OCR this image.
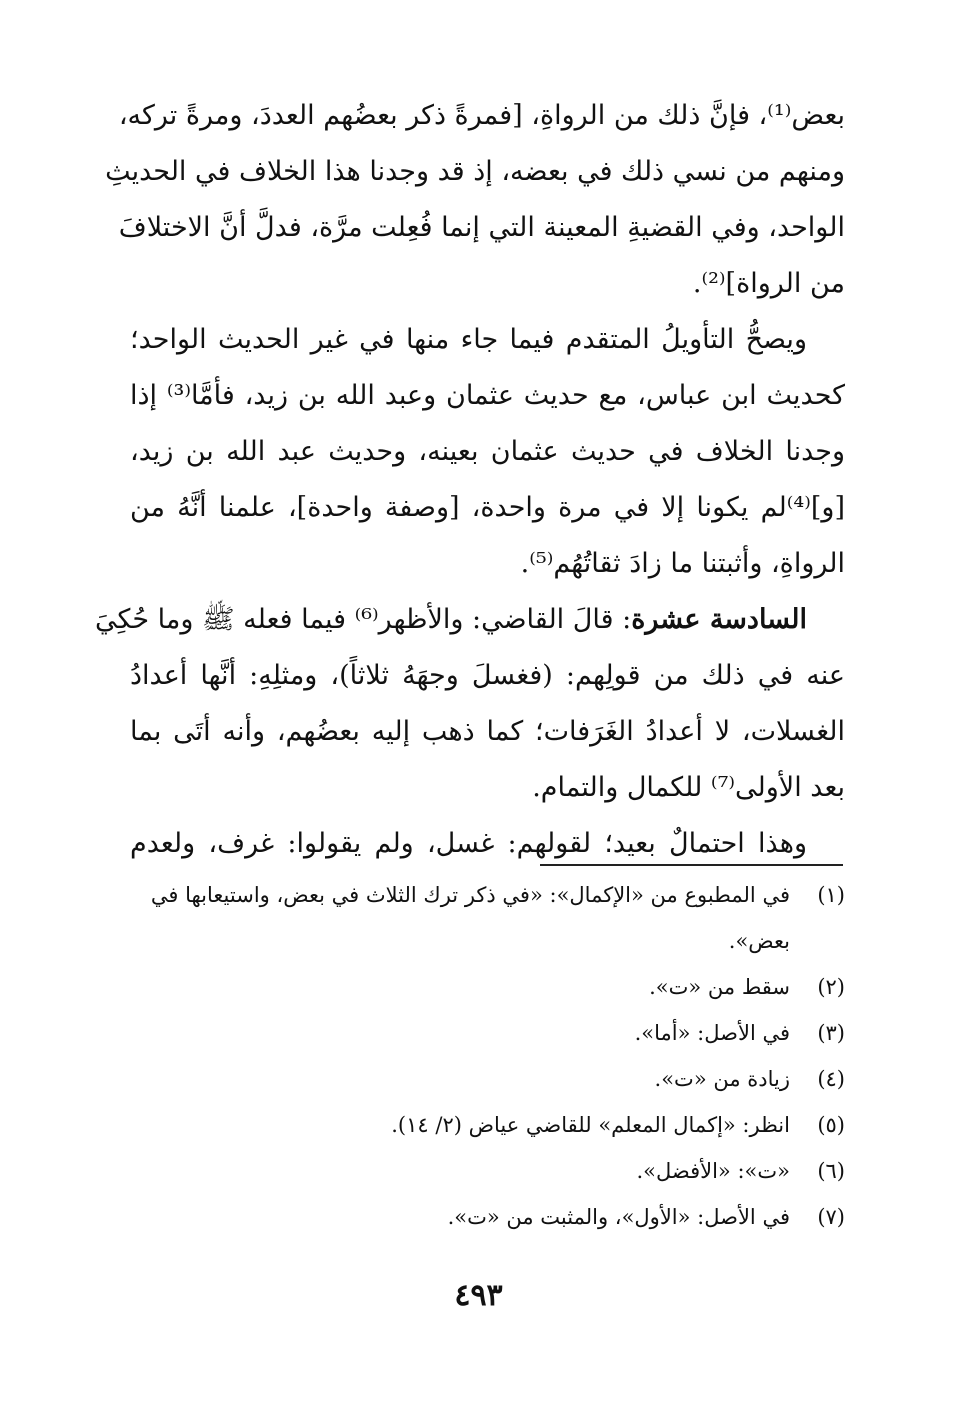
بعض⁽¹⁾، فإنَّ ذلك من الرواةِ، [فمرةً ذكر بعضُهم العددَ، ومرةً تركه،
ومنهم من نسي ذلك في بعضه، إذ قد وجدنا هذا الخلاف في الحديثِ
الواحد، وفي القضيةِ المعينة التي إنما فُعِلت مرَّة، فدلَّ أنَّ الاختلافَ
من الرواة]⁽²⁾.
ويصحُّ التأويلُ المتقدم فيما جاء منها في غير الحديث الواحد؛
كحديث ابن عباس، مع حديث عثمان وعبد الله بن زيد، فأمَّا⁽³⁾ إذا
وجدنا الخلاف في حديث عثمان بعينه، وحديث عبد الله بن زيد،
[و]⁽⁴⁾لم يكونا إلا في مرة واحدة، [وصفة واحدة]، علمنا أنَّهُ من
الرواةِ، وأثبتنا ما زادَ ثقاتُهُم⁽⁵⁾.
السادسة عشرة: قالَ القاضي: والأظهر⁽⁶⁾ فيما فعله ﷺ وما حُكِيَ
عنه في ذلك من قولِهم: (فغسلَ وجهَهُ ثلاثاً)، ومثلِهِ: أنَّها أعدادُ
الغسلات، لا أعدادُ الغَرَفات؛ كما ذهب إليه بعضُهم، وأنه أتَى بما
بعد الأولى⁽⁷⁾ للكمال والتمام.
وهذا احتمالٌ بعيد؛ لقولهم: غسل، ولم يقولوا: غرف، ولعدم
(١)
في المطبوع من «الإكمال»: «في ذكر ترك الثلاث في بعض، واستيعابها في بعض».
(٢)
سقط من «ت».
(٣)
في الأصل: «أما».
(٤)
زيادة من «ت».
(٥)
انظر: «إكمال المعلم» للقاضي عياض (٢/ ١٤).
(٦)
«ت»: «الأفضل».
(٧)
في الأصل: «الأول»، والمثبت من «ت».
٤٩٣
